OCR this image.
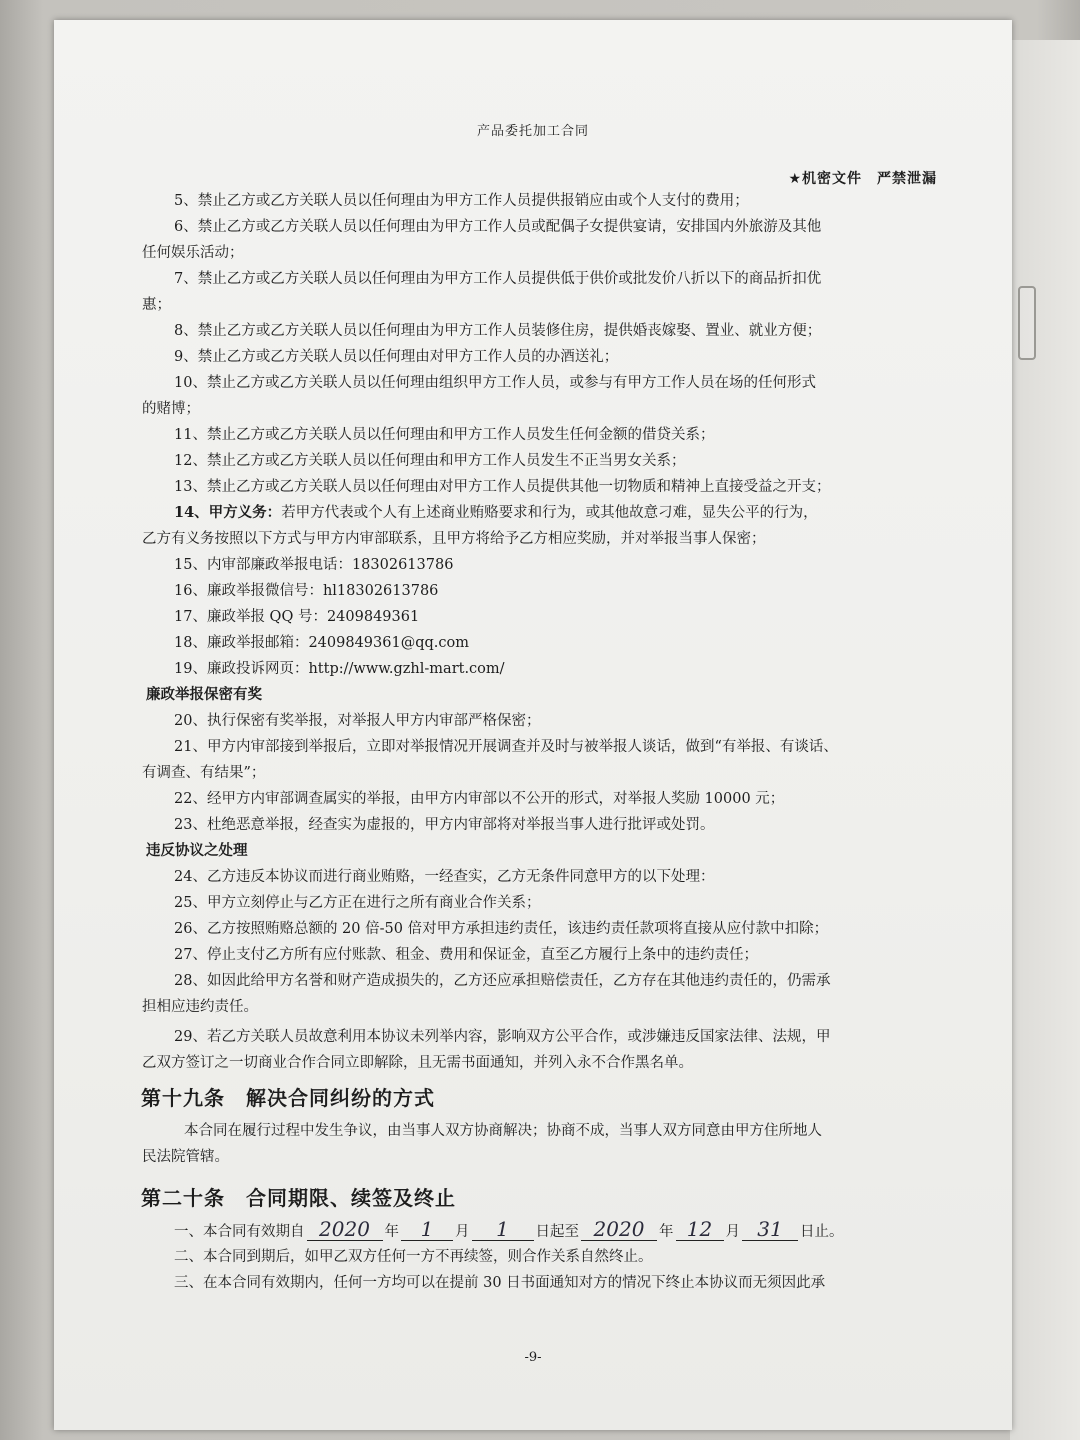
产品委托加工合同
★机密文件　严禁泄漏
5、禁止乙方或乙方关联人员以任何理由为甲方工作人员提供报销应由或个人支付的费用；
6、禁止乙方或乙方关联人员以任何理由为甲方工作人员或配偶子女提供宴请，安排国内外旅游及其他
任何娱乐活动；
7、禁止乙方或乙方关联人员以任何理由为甲方工作人员提供低于供价或批发价八折以下的商品折扣优
惠；
8、禁止乙方或乙方关联人员以任何理由为甲方工作人员装修住房，提供婚丧嫁娶、置业、就业方便；
9、禁止乙方或乙方关联人员以任何理由对甲方工作人员的办酒送礼；
10、禁止乙方或乙方关联人员以任何理由组织甲方工作人员，或参与有甲方工作人员在场的任何形式
的赌博；
11、禁止乙方或乙方关联人员以任何理由和甲方工作人员发生任何金额的借贷关系；
12、禁止乙方或乙方关联人员以任何理由和甲方工作人员发生不正当男女关系；
13、禁止乙方或乙方关联人员以任何理由对甲方工作人员提供其他一切物质和精神上直接受益之开支；
14、甲方义务：若甲方代表或个人有上述商业贿赂要求和行为，或其他故意刁难，显失公平的行为，
乙方有义务按照以下方式与甲方内审部联系，且甲方将给予乙方相应奖励，并对举报当事人保密；
15、内审部廉政举报电话：18302613786
16、廉政举报微信号：hl18302613786
17、廉政举报 QQ 号：2409849361
18、廉政举报邮箱：2409849361@qq.com
19、廉政投诉网页：http://www.gzhl-mart.com/
廉政举报保密有奖
20、执行保密有奖举报，对举报人甲方内审部严格保密；
21、甲方内审部接到举报后，立即对举报情况开展调查并及时与被举报人谈话，做到“有举报、有谈话、
有调查、有结果”；
22、经甲方内审部调查属实的举报，由甲方内审部以不公开的形式，对举报人奖励 10000 元；
23、杜绝恶意举报，经查实为虚报的，甲方内审部将对举报当事人进行批评或处罚。
违反协议之处理
24、乙方违反本协议而进行商业贿赂，一经查实，乙方无条件同意甲方的以下处理：
25、甲方立刻停止与乙方正在进行之所有商业合作关系；
26、乙方按照贿赂总额的 20 倍-50 倍对甲方承担违约责任，该违约责任款项将直接从应付款中扣除；
27、停止支付乙方所有应付账款、租金、费用和保证金，直至乙方履行上条中的违约责任；
28、如因此给甲方名誉和财产造成损失的，乙方还应承担赔偿责任，乙方存在其他违约责任的，仍需承
担相应违约责任。
29、若乙方关联人员故意利用本协议未列举内容，影响双方公平合作，或涉嫌违反国家法律、法规，甲
乙双方签订之一切商业合作合同立即解除，且无需书面通知，并列入永不合作黑名单。
第十九条　解决合同纠纷的方式
本合同在履行过程中发生争议，由当事人双方协商解决；协商不成，当事人双方同意由甲方住所地人
民法院管辖。
第二十条　合同期限、续签及终止
一、本合同有效期自 2020 年 1 月 1 日起至 2020 年 12 月 31 日止。
二、本合同到期后，如甲乙双方任何一方不再续签，则合作关系自然终止。
三、在本合同有效期内，任何一方均可以在提前 30 日书面通知对方的情况下终止本协议而无须因此承
-9-
